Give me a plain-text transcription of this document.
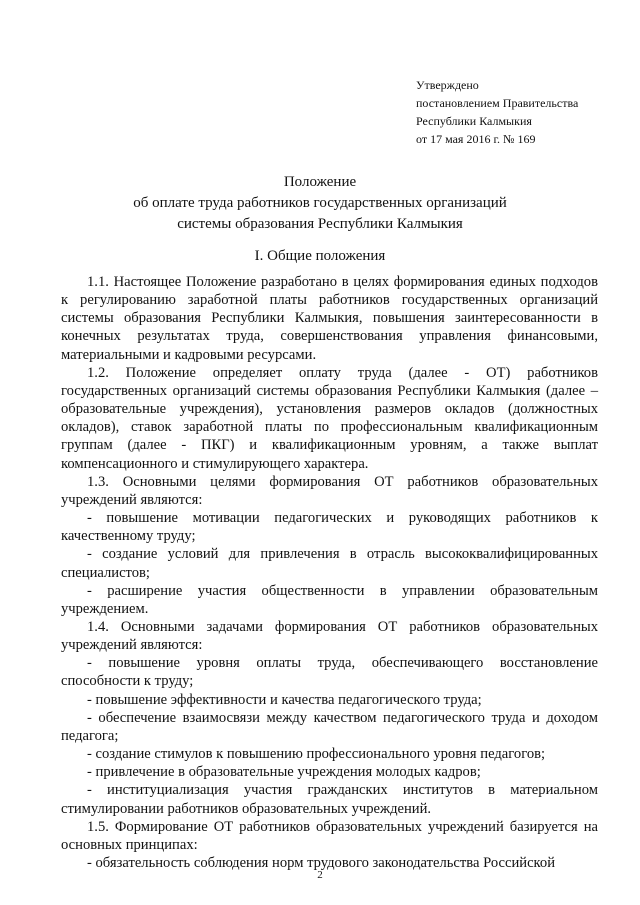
Утверждено
постановлением Правительства
Республики Калмыкия
от 17 мая 2016 г. № 169
Положение
об оплате труда работников государственных организаций
системы образования Республики Калмыкия
I. Общие положения

1.1. Настоящее Положение разработано в целях формирования единых подходов к регулированию заработной платы работников государственных организаций системы образования Республики Калмыкия, повышения заинтересованности в конечных результатах труда, совершенствования управления финансовыми, материальными и кадровыми ресурсами.

1.2. Положение определяет оплату труда (далее - ОТ) работников государственных организаций системы образования Республики Калмыкия (далее – образовательные учреждения), установления размеров окладов (должностных окладов), ставок заработной платы по профессиональным квалификационным группам (далее - ПКГ) и квалификационным уровням, а также выплат компенсационного и стимулирующего характера.

1.3. Основными целями формирования ОТ работников образовательных учреждений являются:

- повышение мотивации педагогических и руководящих работников к качественному труду;

- создание условий для привлечения в отрасль высококвалифицированных специалистов;

- расширение участия общественности в управлении образовательным учреждением.

1.4. Основными задачами формирования ОТ работников образовательных учреждений являются:

- повышение уровня оплаты труда, обеспечивающего восстановление способности к труду;

- повышение эффективности и качества педагогического труда;

- обеспечение взаимосвязи между качеством педагогического труда и доходом педагога;

- создание стимулов к повышению профессионального уровня педагогов;

- привлечение в образовательные учреждения молодых кадров;

- институциализация участия гражданских институтов в материальном стимулировании работников образовательных учреждений.

1.5. Формирование ОТ работников образовательных учреждений базируется на основных принципах:

- обязательность соблюдения норм трудового законодательства Российской

2
